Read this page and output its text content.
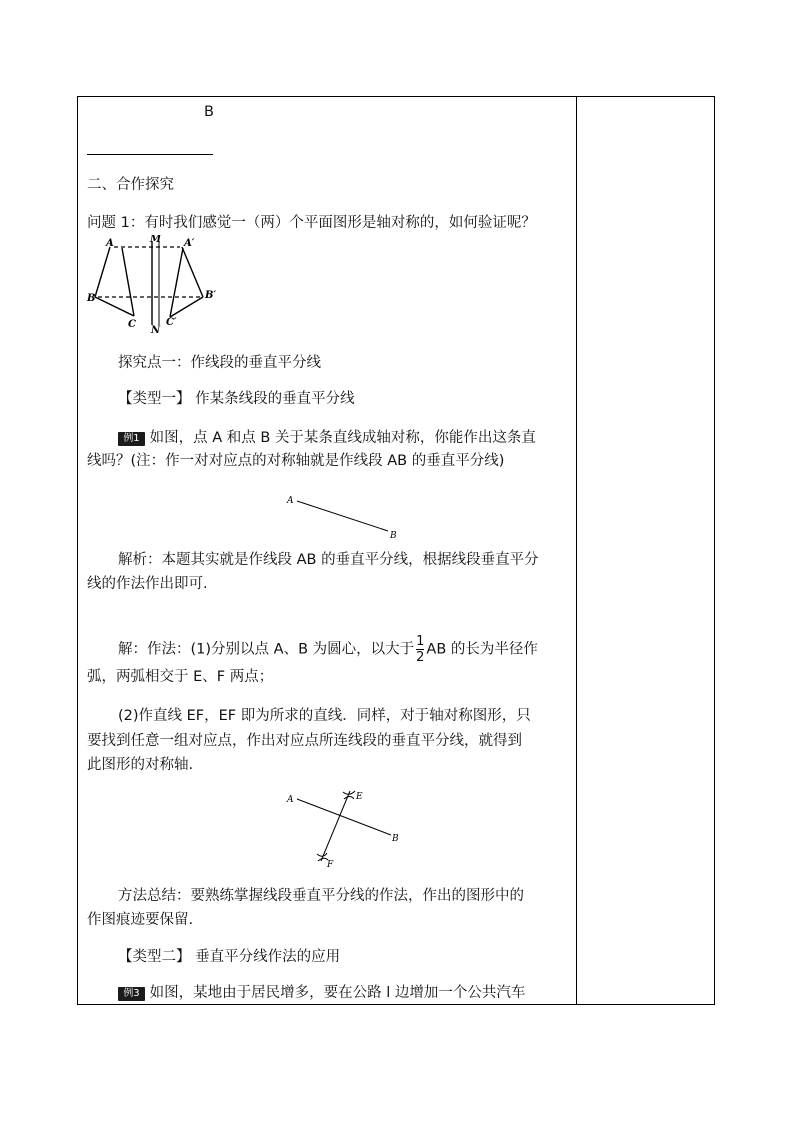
B
二、合作探究
问题 1：有时我们感觉一（两）个平面图形是轴对称的，如何验证呢？
A	M A′
B	B′
C
N
C′
探究点一：作线段的垂直平分线
【类型一】 作某条线段的垂直平分线
例1 如图，点 A 和点 B 关于某条直线成轴对称，你能作出这条直
线吗？(注：作一对对应点的对称轴就是作线段 AB 的垂直平分线)
A
B
解析：本题其实就是作线段 AB 的垂直平分线，根据线段垂直平分
线的作法作出即可.
解：作法：(1)分别以点 A、B 为圆心，以大于 $\frac{1}{2}$ AB 的长为半径作
弧，两弧相交于 E、F 两点；
(2)作直线 EF，EF 即为所求的直线．同样，对于轴对称图形，只
要找到任意一组对应点，作出对应点所连线段的垂直平分线，就得到
此图形的对称轴.
A
B
E
F
方法总结：要熟练掌握线段垂直平分线的作法，作出的图形中的
作图痕迹要保留.
【类型二】 垂直平分线作法的应用
例3 如图，某地由于居民增多，要在公路 l 边增加一个公共汽车
